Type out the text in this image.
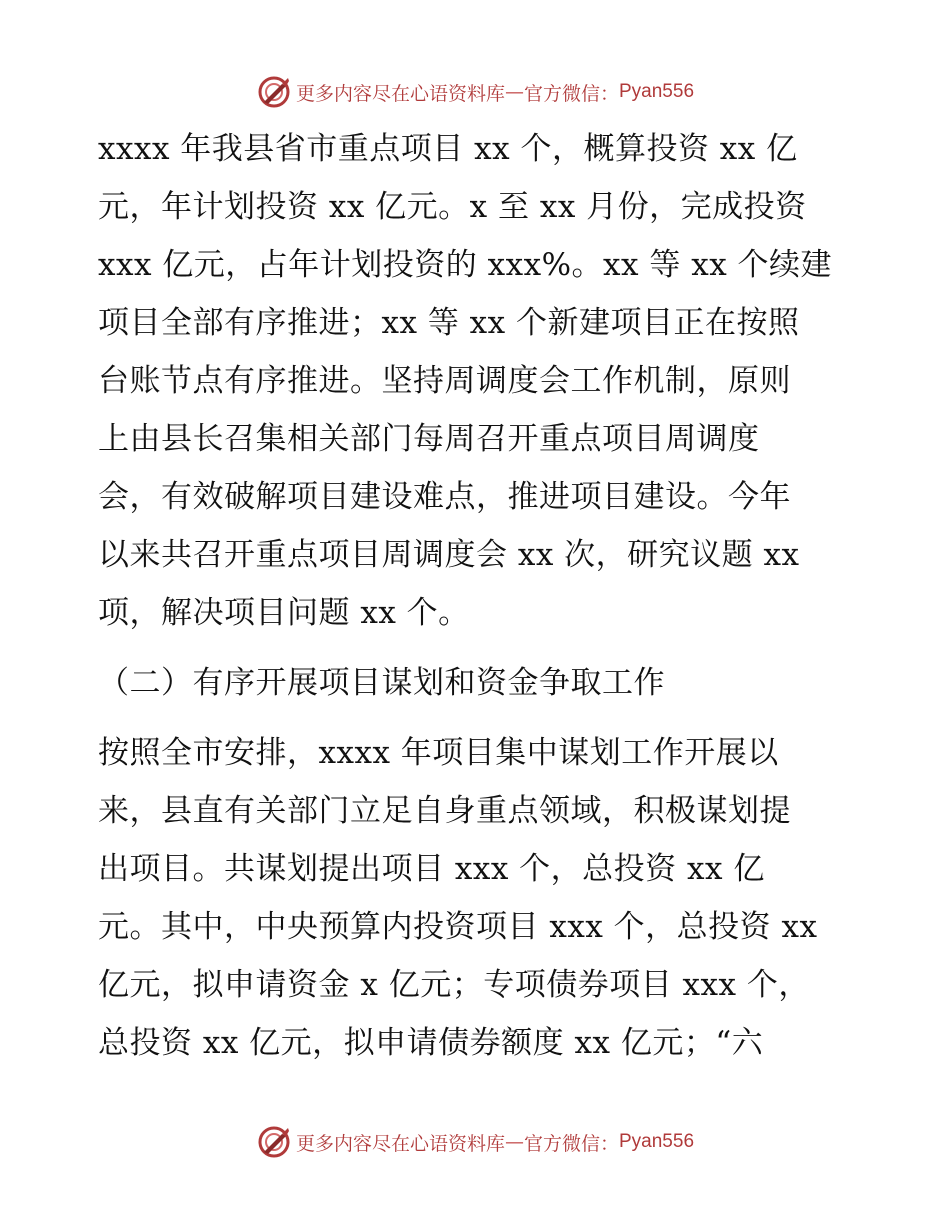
更多内容尽在心语资料库 — 官方微信： Pyan556
xxxx 年我县省市重点项目 xx 个，概算投资 xx 亿
元，年计划投资 xx 亿元。x 至 xx 月份，完成投资
xxx 亿元，占年计划投资的 xxx%。xx 等 xx 个续建
项目全部有序推进；xx 等 xx 个新建项目正在按照
台账节点有序推进。坚持周调度会工作机制，原则
上由县长召集相关部门每周召开重点项目周调度
会，有效破解项目建设难点，推进项目建设。今年
以来共召开重点项目周调度会 xx 次，研究议题 xx
项，解决项目问题 xx 个。
（二）有序开展项目谋划和资金争取工作
按照全市安排，xxxx 年项目集中谋划工作开展以
来，县直有关部门立足自身重点领域，积极谋划提
出项目。共谋划提出项目 xxx 个，总投资 xx 亿
元。其中，中央预算内投资项目 xxx 个，总投资 xx
亿元，拟申请资金 x 亿元；专项债券项目 xxx 个，
总投资 xx 亿元，拟申请债券额度 xx 亿元；“六
更多内容尽在心语资料库 — 官方微信： Pyan556
